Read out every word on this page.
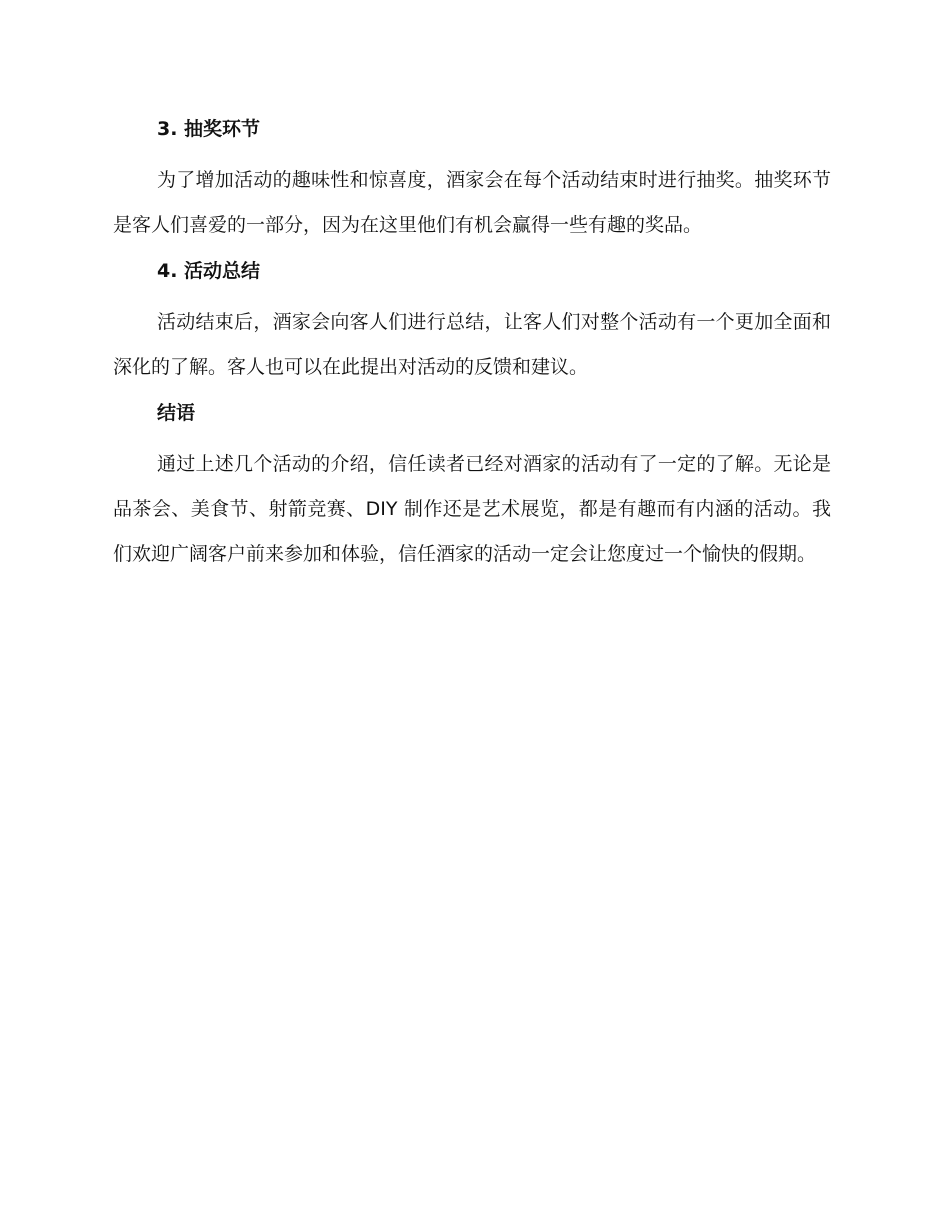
3. 抽奖环节

为了增加活动的趣味性和惊喜度，酒家会在每个活动结束时进行抽奖。抽奖环节是客人们喜爱的一部分，因为在这里他们有机会赢得一些有趣的奖品。

4. 活动总结

活动结束后，酒家会向客人们进行总结，让客人们对整个活动有一个更加全面和深化的了解。客人也可以在此提出对活动的反馈和建议。

结语

通过上述几个活动的介绍，信任读者已经对酒家的活动有了一定的了解。无论是品茶会、美食节、射箭竞赛、DIY 制作还是艺术展览，都是有趣而有内涵的活动。我们欢迎广阔客户前来参加和体验，信任酒家的活动一定会让您度过一个愉快的假期。
